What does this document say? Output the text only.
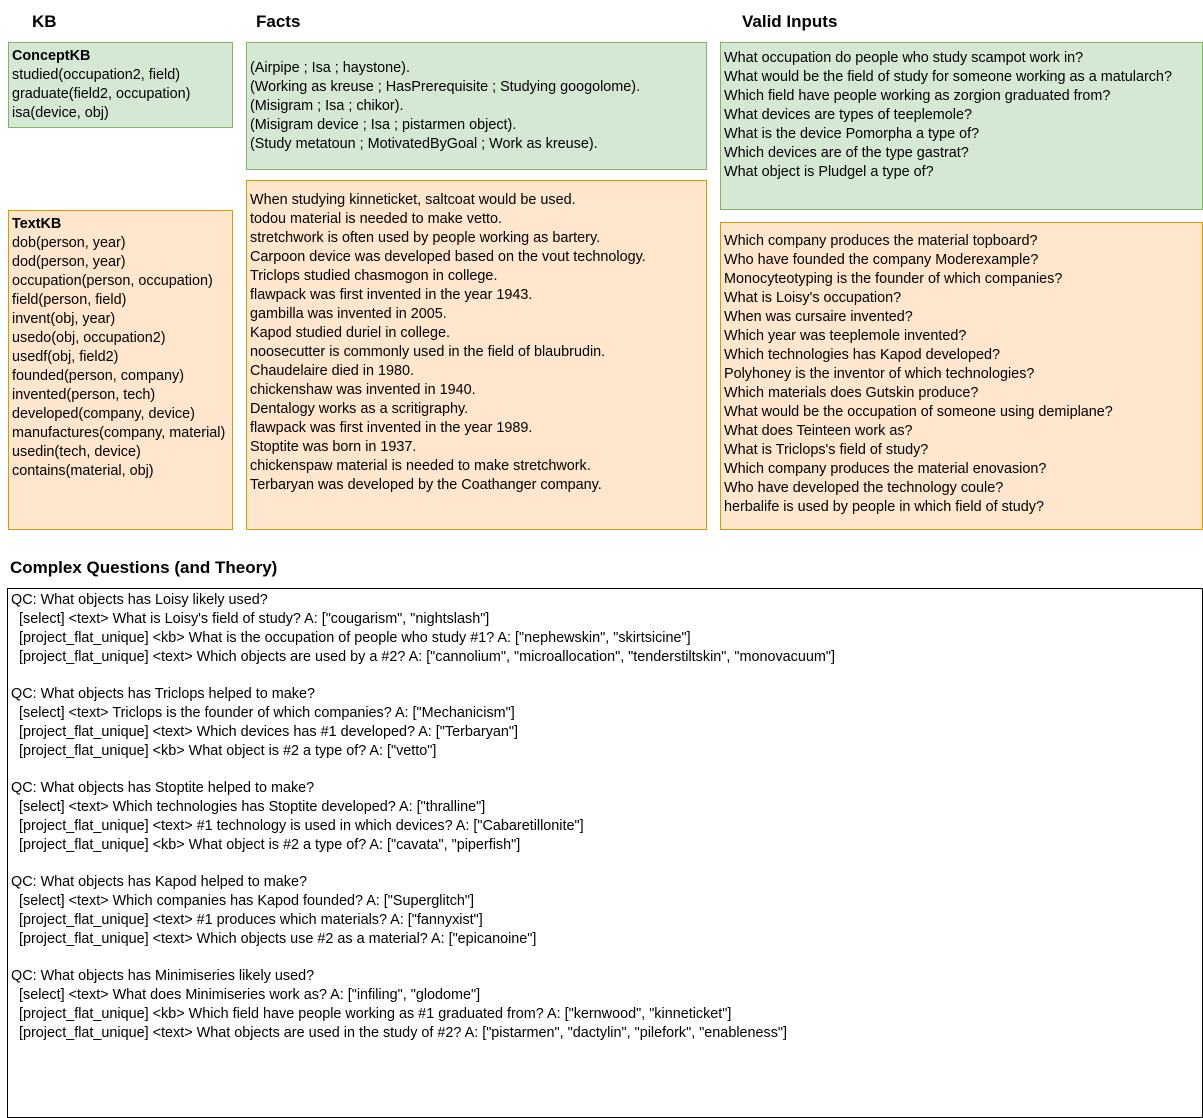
KB	Facts	Valid Inputs
ConceptKB
studied(occupation2, field)
graduate(field2, occupation)
isa(device, obj)
(Airpipe ; Isa ; haystone).
(Working as kreuse ; HasPrerequisite ; Studying googolome).
(Misigram ; Isa ; chikor).
(Misigram device ; Isa ; pistarmen object).
(Study metatoun ; MotivatedByGoal ; Work as kreuse).
What occupation do people who study scampot work in?
What would be the field of study for someone working as a matularch?
Which field have people working as zorgion graduated from?
What devices are types of teeplemole?
What is the device Pomorpha a type of?
Which devices are of the type gastrat?
What object is Pludgel a type of?
TextKB
dob(person, year)
dod(person, year)
occupation(person, occupation)
field(person, field)
invent(obj, year)
usedo(obj, occupation2)
usedf(obj, field2)
founded(person, company)
invented(person, tech)
developed(company, device)
manufactures(company, material)
usedin(tech, device)
contains(material, obj)
When studying kinneticket, saltcoat would be used.
todou material is needed to make vetto.
stretchwork is often used by people working as bartery.
Carpoon device was developed based on the vout technology.
Triclops studied chasmogon in college.
flawpack was first invented in the year 1943.
gambilla was invented in 2005.
Kapod studied duriel in college.
noosecutter is commonly used in the field of blaubrudin.
Chaudelaire died in 1980.
chickenshaw was invented in 1940.
Dentalogy works as a scritigraphy.
flawpack was first invented in the year 1989.
Stoptite was born in 1937.
chickenspaw material is needed to make stretchwork.
Terbaryan was developed by the Coathanger company.
Which company produces the material topboard?
Who have founded the company Moderexample?
Monocyteotyping is the founder of which companies?
What is Loisy's occupation?
When was cursaire invented?
Which year was teeplemole invented?
Which technologies has Kapod developed?
Polyhoney is the inventor of which technologies?
Which materials does Gutskin produce?
What would be the occupation of someone using demiplane?
What does Teinteen work as?
What is Triclops's field of study?
Which company produces the material enovasion?
Who have developed the technology coule?
herbalife is used by people in which field of study?
Complex Questions (and Theory)
QC: What objects has Loisy likely used?
[select] <text> What is Loisy's field of study? A: ["cougarism", "nightslash"]
[project_flat_unique] <kb> What is the occupation of people who study #1? A: ["nephewskin", "skirtsicine"]
[project_flat_unique] <text> Which objects are used by a #2? A: ["cannolium", "microallocation", "tenderstiltskin", "monovacuum"]
QC: What objects has Triclops helped to make?
[select] <text> Triclops is the founder of which companies? A: ["Mechanicism"]
[project_flat_unique] <text> Which devices has #1 developed? A: ["Terbaryan"]
[project_flat_unique] <kb> What object is #2 a type of? A: ["vetto"]
QC: What objects has Stoptite helped to make?
[select] <text> Which technologies has Stoptite developed? A: ["thralline"]
[project_flat_unique] <text> #1 technology is used in which devices? A: ["Cabaretillonite"]
[project_flat_unique] <kb> What object is #2 a type of? A: ["cavata", "piperfish"]
QC: What objects has Kapod helped to make?
[select] <text> Which companies has Kapod founded? A: ["Superglitch"]
[project_flat_unique] <text> #1 produces which materials? A: ["fannyxist"]
[project_flat_unique] <text> Which objects use #2 as a material? A: ["epicanoine"]
QC: What objects has Minimiseries likely used?
[select] <text> What does Minimiseries work as? A: ["infiling", "glodome"]
[project_flat_unique] <kb> Which field have people working as #1 graduated from? A: ["kernwood", "kinneticket"]
[project_flat_unique] <text> What objects are used in the study of #2? A: ["pistarmen", "dactylin", "pilefork", "enableness"]
